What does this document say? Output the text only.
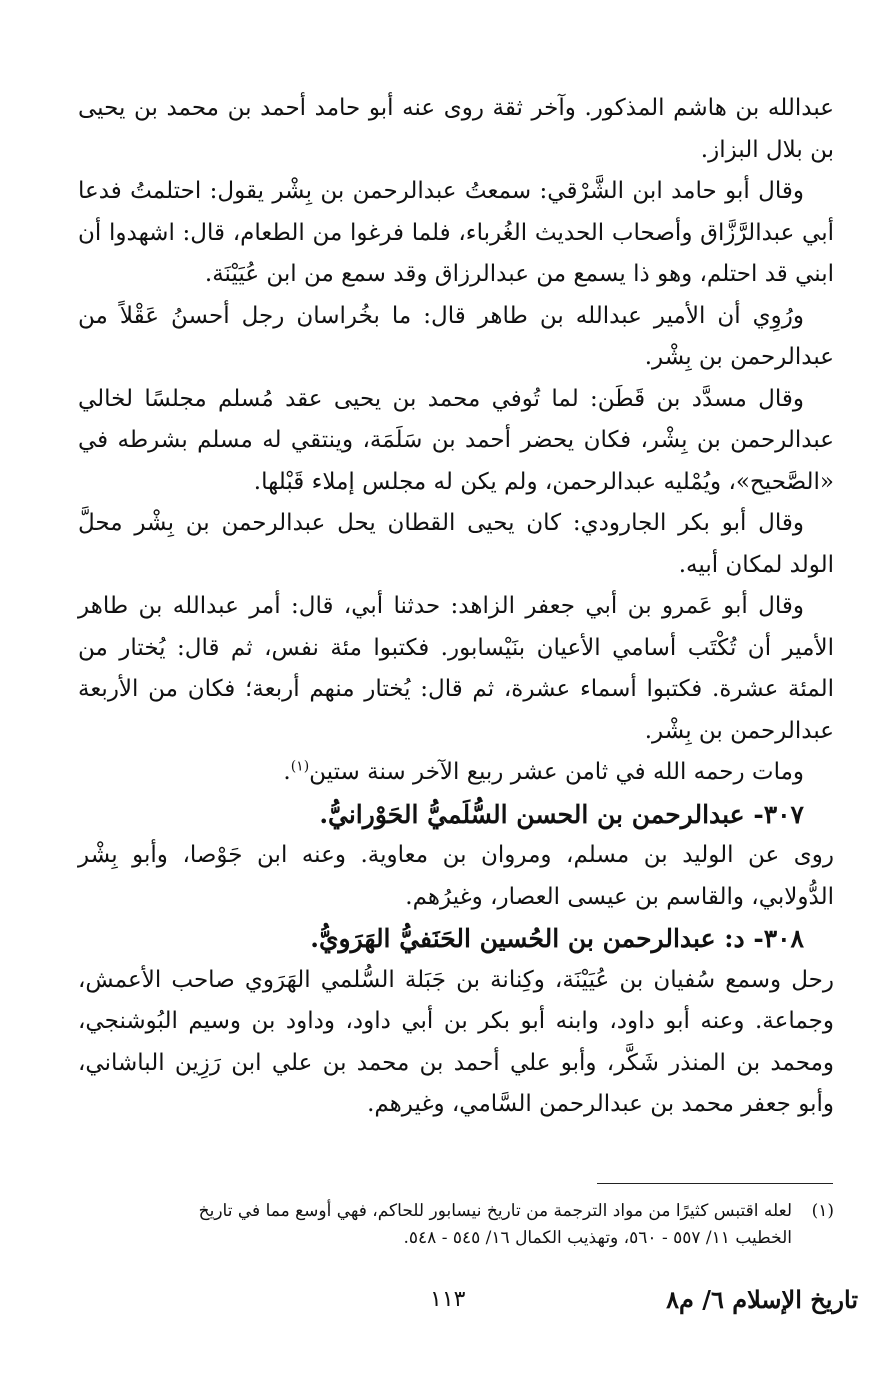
عبدالله بن هاشم المذكور. وآخر ثقة روى عنه أبو حامد أحمد بن محمد بن يحيى بن بلال البزاز.

وقال أبو حامد ابن الشَّرْقي: سمعتُ عبدالرحمن بن بِشْر يقول: احتلمتُ فدعا أبي عبدالرَّزَّاق وأصحاب الحديث الغُرباء، فلما فرغوا من الطعام، قال: اشهدوا أن ابني قد احتلم، وهو ذا يسمع من عبدالرزاق وقد سمع من ابن عُيَيْنَة.

ورُوِي أن الأمير عبدالله بن طاهر قال: ما بخُراسان رجل أحسنُ عَقْلاً من عبدالرحمن بن بِشْر.

وقال مسدَّد بن قَطَن: لما تُوفي محمد بن يحيى عقد مُسلم مجلسًا لخالي عبدالرحمن بن بِشْر، فكان يحضر أحمد بن سَلَمَة، وينتقي له مسلم بشرطه في «الصَّحيح»، ويُمْليه عبدالرحمن، ولم يكن له مجلس إملاء قَبْلها.

وقال أبو بكر الجارودي: كان يحيى القطان يحل عبدالرحمن بن بِشْر محلَّ الولد لمكان أبيه.

وقال أبو عَمرو بن أبي جعفر الزاهد: حدثنا أبي، قال: أمر عبدالله بن طاهر الأمير أن تُكْتَب أسامي الأعيان بنَيْسابور. فكتبوا مئة نفس، ثم قال: يُختار من المئة عشرة. فكتبوا أسماء عشرة، ثم قال: يُختار منهم أربعة؛ فكان من الأربعة عبدالرحمن بن بِشْر.

ومات رحمه الله في ثامن عشر ربيع الآخر سنة ستين$^{(١)}$.

٣٠٧- عبدالرحمن بن الحسن السُّلَميُّ الحَوْرانيُّ.

روى عن الوليد بن مسلم، ومروان بن معاوية. وعنه ابن جَوْصا، وأبو بِشْر الدُّولابي، والقاسم بن عيسى العصار، وغيرُهم.

٣٠٨- د: عبدالرحمن بن الحُسين الحَنَفيُّ الهَرَويُّ.

رحل وسمع سُفيان بن عُيَيْنَة، وكِنانة بن جَبَلة السُّلمي الهَرَوي صاحب الأعمش، وجماعة. وعنه أبو داود، وابنه أبو بكر بن أبي داود، وداود بن وسيم البُوشنجي، ومحمد بن المنذر شَكَّر، وأبو علي أحمد بن محمد بن علي ابن رَزِين الباشاني، وأبو جعفر محمد بن عبدالرحمن السَّامي، وغيرهم.

(١)لعله اقتبس كثيرًا من مواد الترجمة من تاريخ نيسابور للحاكم، فهي أوسع مما في تاريخ
الخطيب ١١/ ٥٥٧ - ٥٦٠، وتهذيب الكمال ١٦/ ٥٤٥ - ٥٤٨.
تاريخ الإسلام ٦/ م٨
١١٣
